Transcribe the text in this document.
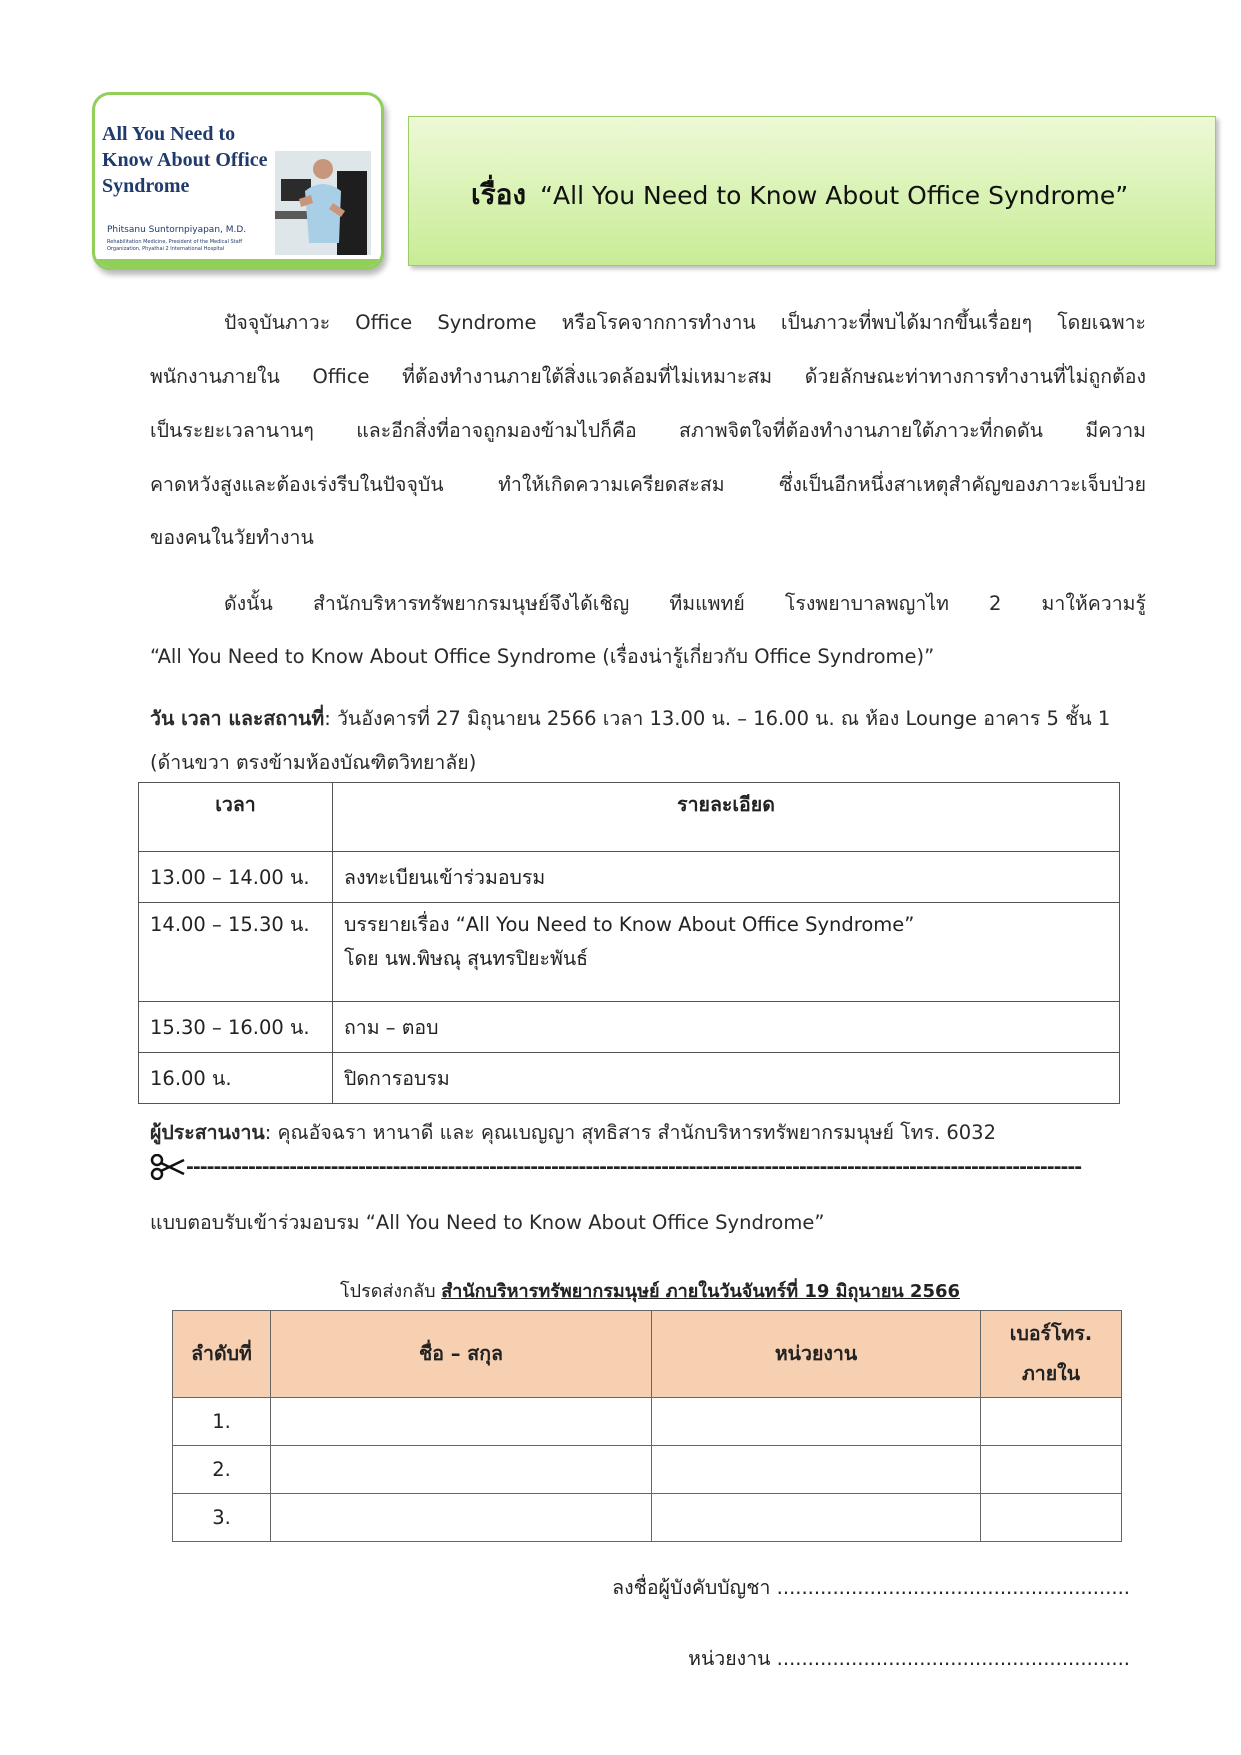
All You Need to Know About Office Syndrome
Phitsanu Suntornpiyapan, M.D.
Rehabilitation Medicine, President of the Medical Staff Organization, Phyathai 2 International Hospital
เรื่อง “All You Need to Know About Office Syndrome”
ปัจจุบันภาวะ Office Syndrome หรือโรคจากการทำงาน เป็นภาวะที่พบได้มากขึ้นเรื่อยๆ โดยเฉพาะ
พนักงานภายใน Office ที่ต้องทำงานภายใต้สิ่งแวดล้อมที่ไม่เหมาะสม ด้วยลักษณะท่าทางการทำงานที่ไม่ถูกต้อง
เป็นระยะเวลานานๆ และอีกสิ่งที่อาจถูกมองข้ามไปก็คือ สภาพจิตใจที่ต้องทำงานภายใต้ภาวะที่กดดัน มีความ
คาดหวังสูงและต้องเร่งรีบในปัจจุบัน ทำให้เกิดความเครียดสะสม ซึ่งเป็นอีกหนึ่งสาเหตุสำคัญของภาวะเจ็บป่วย
ของคนในวัยทำงาน
ดังนั้น สำนักบริหารทรัพยากรมนุษย์จึงได้เชิญ ทีมแพทย์ โรงพยาบาลพญาไท 2 มาให้ความรู้
“All You Need to Know About Office Syndrome (เรื่องน่ารู้เกี่ยวกับ Office Syndrome)”
วัน เวลา และสถานที่: วันอังคารที่ 27 มิถุนายน 2566 เวลา 13.00 น. – 16.00 น. ณ ห้อง Lounge อาคาร 5 ชั้น 1
(ด้านขวา ตรงข้ามห้องบัณฑิตวิทยาลัย)
เวลา	รายละเอียด
13.00 – 14.00 น.	ลงทะเบียนเข้าร่วมอบรม

14.00 – 15.30 น.	บรรยายเรื่อง “All You Need to Know About Office Syndrome”
โดย นพ.พิษณุ สุนทรปิยะพันธ์

15.30 – 16.00 น.	ถาม – ตอบ
16.00 น.	ปิดการอบรม
ผู้ประสานงาน: คุณอัจฉรา หานาดี และ คุณเบญญา สุทธิสาร สำนักบริหารทรัพยากรมนุษย์ โทร. 6032
----------------------------------------------------------------------------------------------------------------------------------
แบบตอบรับเข้าร่วมอบรม “All You Need to Know About Office Syndrome”
โปรดส่งกลับ สำนักบริหารทรัพยากรมนุษย์ ภายในวันจันทร์ที่ 19 มิถุนายน 2566
ลำดับที่	ชื่อ – สกุล	หน่วยงาน	เบอร์โทร.
ภายใน

1.			
2.			
3.			
ลงชื่อผู้บังคับบัญชา .........................................................
หน่วยงาน .........................................................
